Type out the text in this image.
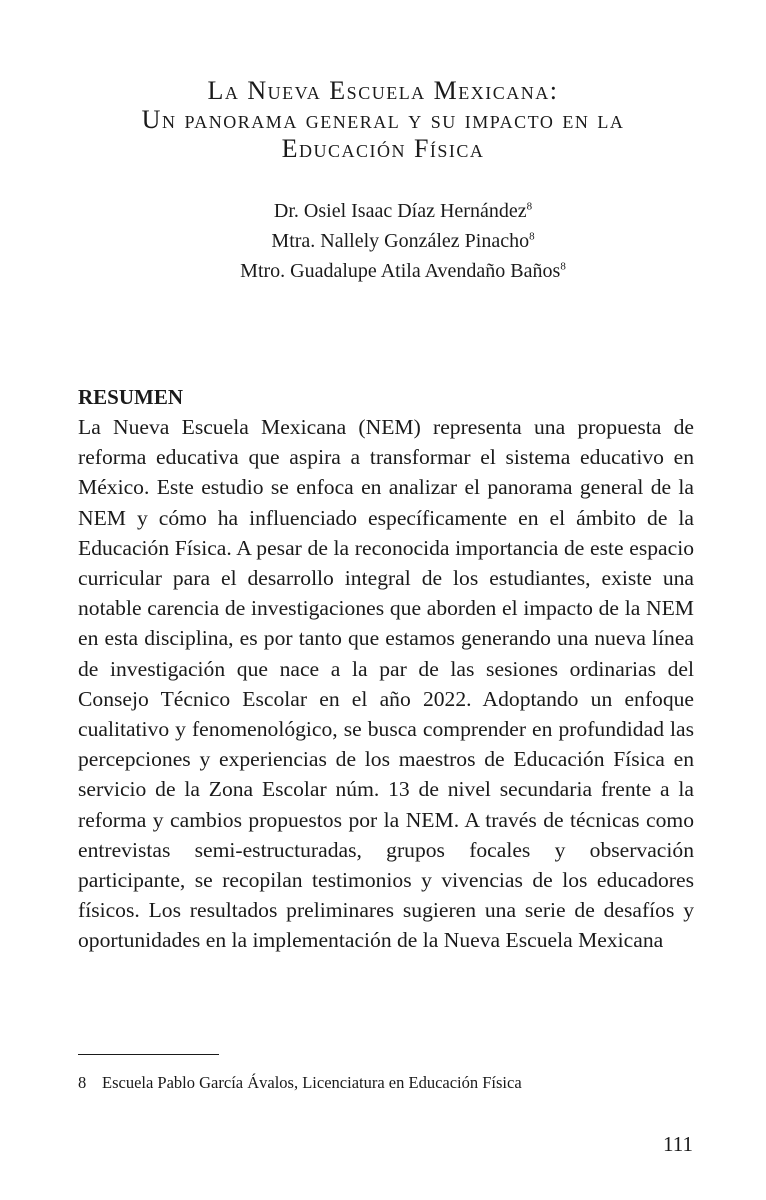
La Nueva Escuela Mexicana:
Un panorama general y su impacto en la
Educación Física
Dr. Osiel Isaac Díaz Hernández$^8$
Mtra. Nallely González Pinacho$^8$
Mtro. Guadalupe Atila Avendaño Baños$^8$
RESUMEN

La Nueva Escuela Mexicana (NEM) representa una propuesta de reforma educativa que aspira a transformar el sistema educativo en México. Este estudio se enfoca en analizar el panorama general de la NEM y cómo ha influenciado específicamente en el ámbito de la Educación Física. A pesar de la reconocida importancia de este espacio curricular para el desarrollo integral de los estudiantes, existe una notable carencia de investigaciones que aborden el impacto de la NEM en esta disciplina, es por tanto que estamos generando una nueva línea de investigación que nace a la par de las sesiones ordinarias del Consejo Técnico Escolar en el año 2022. Adoptando un enfoque cualitativo y fenomenológico, se busca comprender en profundidad las percepciones y experiencias de los maestros de Educación Física en servicio de la Zona Escolar núm. 13 de nivel secundaria frente a la reforma y cambios propuestos por la NEM. A través de técnicas como entrevistas semi-estructuradas, grupos focales y observación participante, se recopilan testimonios y vivencias de los educadores físicos. Los resultados preliminares sugieren una serie de desafíos y oportunidades en la implementación de la Nueva Escuela Mexicana

8 Escuela Pablo García Ávalos, Licenciatura en Educación Física
111
